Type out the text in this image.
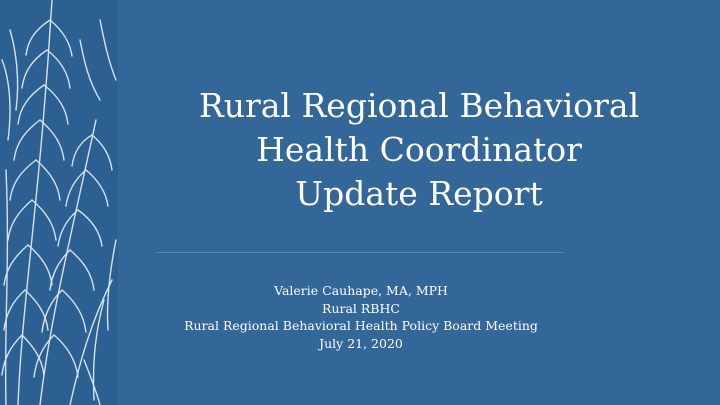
Rural Regional Behavioral
Health Coordinator
Update Report
Valerie Cauhape, MA, MPH
Rural RBHC
Rural Regional Behavioral Health Policy Board Meeting
July 21, 2020
